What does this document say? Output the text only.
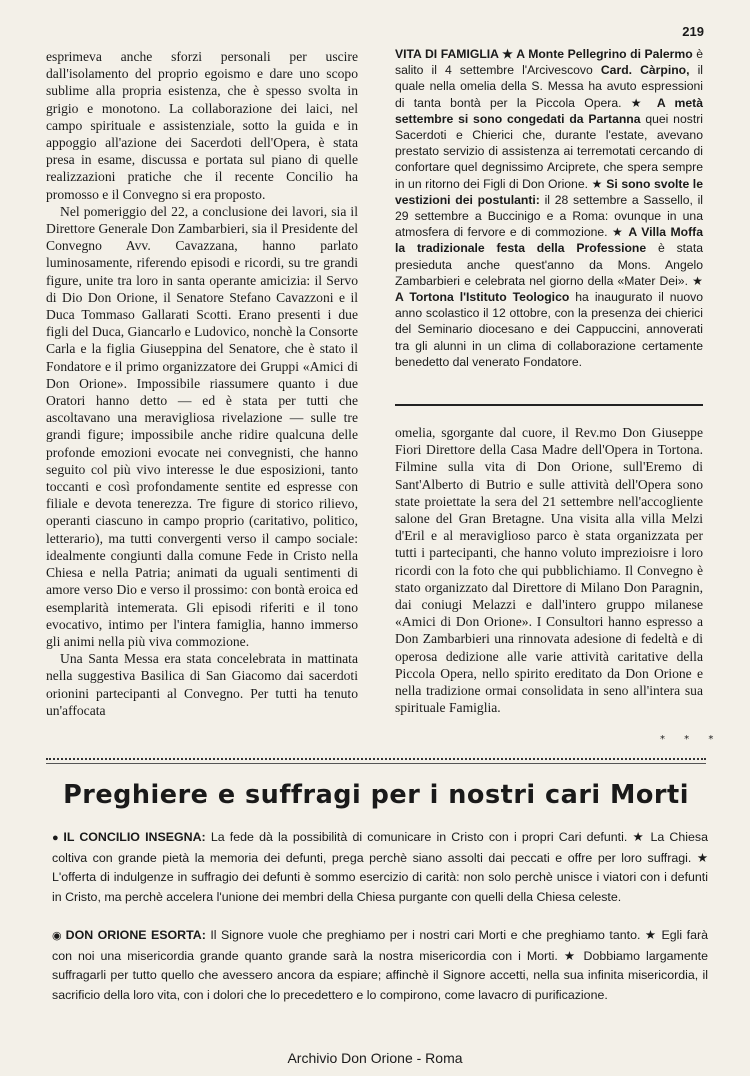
219

esprimeva anche sforzi personali per uscire dall'isolamento del proprio egoismo e dare uno scopo sublime alla propria esistenza, che è spesso svolta in grigio e monotono. La collaborazione dei laici, nel campo spirituale e assistenziale, sotto la guida e in appoggio all'azione dei Sacerdoti dell'Opera, è stata presa in esame, discussa e portata sul piano di quelle realizzazioni pratiche che il recente Concilio ha promosso e il Convegno si era proposto.

Nel pomeriggio del 22, a conclusione dei lavori, sia il Direttore Generale Don Zambarbieri, sia il Presidente del Convegno Avv. Cavazzana, hanno parlato luminosamente, riferendo episodi e ricordi, su tre grandi figure, unite tra loro in santa operante amicizia: il Servo di Dio Don Orione, il Senatore Stefano Cavazzoni e il Duca Tommaso Gallarati Scotti. Erano presenti i due figli del Duca, Giancarlo e Ludovico, nonchè la Consorte Carla e la figlia Giuseppina del Senatore, che è stato il Fondatore e il primo organizzatore dei Gruppi «Amici di Don Orione». Impossibile riassumere quanto i due Oratori hanno detto — ed è stata per tutti che ascoltavano una meravigliosa rivelazione — sulle tre grandi figure; impossibile anche ridire qualcuna delle profonde emozioni evocate nei convegnisti, che hanno seguito col più vivo interesse le due esposizioni, tanto toccanti e così profondamente sentite ed espresse con filiale e devota tenerezza. Tre figure di storico rilievo, operanti ciascuno in campo proprio (caritativo, politico, letterario), ma tutti convergenti verso il campo sociale: idealmente congiunti dalla comune Fede in Cristo nella Chiesa e nella Patria; animati da uguali sentimenti di amore verso Dio e verso il prossimo: con bontà eroica ed esemplarità intemerata. Gli episodi riferiti e il tono evocativo, intimo per l'intera famiglia, hanno immerso gli animi nella più viva commozione.

Una Santa Messa era stata concelebrata in mattinata nella suggestiva Basilica di San Giacomo dai sacerdoti orionini partecipanti al Convegno. Per tutti ha tenuto un'affocata

VITA DI FAMIGLIA ★ A Monte Pellegrino di Palermo è salito il 4 settembre l'Arcivescovo Card. Càrpino, il quale nella omelia della S. Messa ha avuto espressioni di tanta bontà per la Piccola Opera. ★ A metà settembre si sono congedati da Partanna quei nostri Sacerdoti e Chierici che, durante l'estate, avevano prestato servizio di assistenza ai terremotati cercando di confortare quel degnissimo Arciprete, che spera sempre in un ritorno dei Figli di Don Orione. ★ Si sono svolte le vestizioni dei postulanti: il 28 settembre a Sassello, il 29 settembre a Buccinigo e a Roma: ovunque in una atmosfera di fervore e di commozione. ★ A Villa Moffa la tradizionale festa della Professione è stata presieduta anche quest'anno da Mons. Angelo Zambarbieri e celebrata nel giorno della «Mater Dei». ★ A Tortona l'Istituto Teologico ha inaugurato il nuovo anno scolastico il 12 ottobre, con la presenza dei chierici del Seminario diocesano e dei Cappuccini, annoverati tra gli alunni in un clima di collaborazione certamente benedetto dal venerato Fondatore.

omelia, sgorgante dal cuore, il Rev.mo Don Giuseppe Fiori Direttore della Casa Madre dell'Opera in Tortona. Filmine sulla vita di Don Orione, sull'Eremo di Sant'Alberto di Butrio e sulle attività dell'Opera sono state proiettate la sera del 21 settembre nell'accogliente salone del Gran Bretagne. Una visita alla villa Melzi d'Eril e al meraviglioso parco è stata organizzata per tutti i partecipanti, che hanno voluto imprezioisre i loro ricordi con la foto che qui pubblichiamo. Il Convegno è stato organizzato dal Direttore di Milano Don Paragnin, dai coniugi Melazzi e dall'intero gruppo milanese «Amici di Don Orione». I Consultori hanno espresso a Don Zambarbieri una rinnovata adesione di fedeltà e di operosa dedizione alle varie attività caritative della Piccola Opera, nello spirito ereditato da Don Orione e nella tradizione ormai consolidata in seno all'intera sua spirituale Famiglia.

* * *
Preghiere e suffragi per i nostri cari Morti
● IL CONCILIO INSEGNA: La fede dà la possibilità di comunicare in Cristo con i propri Cari defunti. ★ La Chiesa coltiva con grande pietà la memoria dei defunti, prega perchè siano assolti dai peccati e offre per loro suffragi. ★ L'offerta di indulgenze in suffragio dei defunti è sommo esercizio di carità: non solo perchè unisce i viatori con i defunti in Cristo, ma perchè accelera l'unione dei membri della Chiesa purgante con quelli della Chiesa celeste.
◉ DON ORIONE ESORTA: Il Signore vuole che preghiamo per i nostri cari Morti e che preghiamo tanto. ★ Egli farà con noi una misericordia grande quanto grande sarà la nostra misericordia con i Morti. ★ Dobbiamo largamente suffragarli per tutto quello che avessero ancora da espiare; affinchè il Signore accetti, nella sua infinita misericordia, il sacrificio della loro vita, con i dolori che lo precedettero e lo compirono, come lavacro di purificazione.
Archivio Don Orione - Roma
